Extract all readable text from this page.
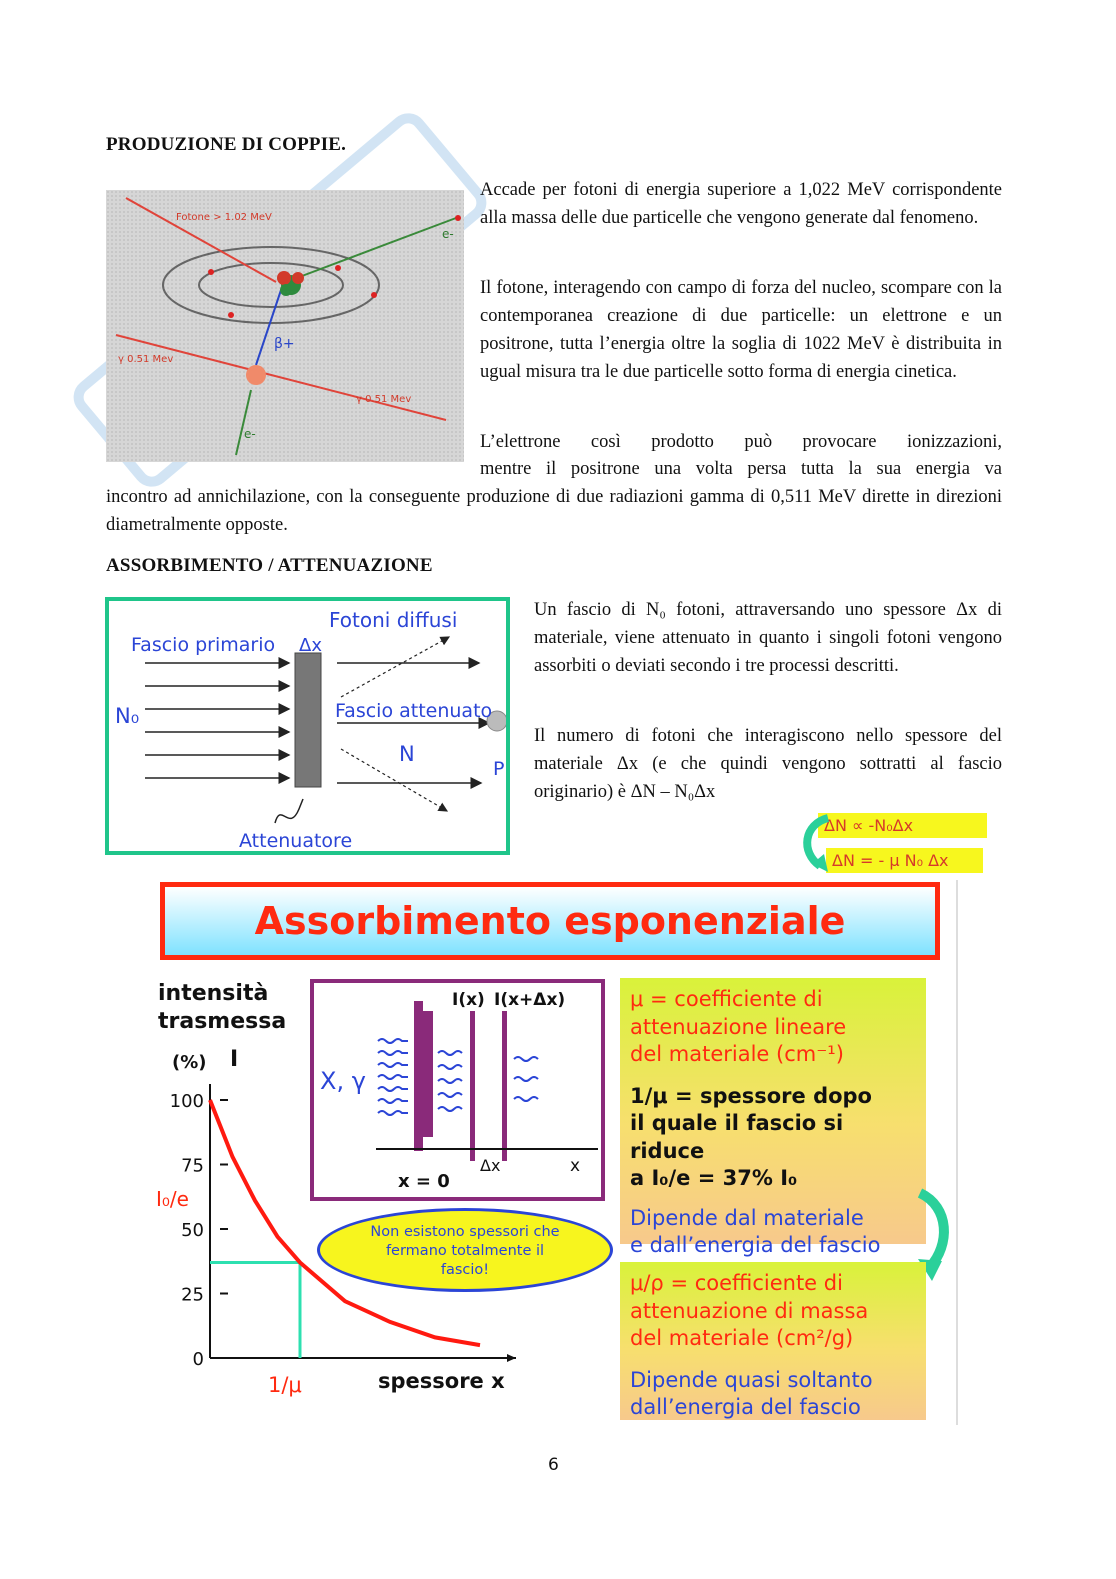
PRODUZIONE DI COPPIE.
Fotone > 1.02 MeV
e-
β+
γ 0.51 Mev
γ 0.51 Mev
e-
Accade per fotoni di energia superiore a 1,022 MeV corrispondente alla massa delle due particelle che vengono generate dal fenomeno.
Il fotone, interagendo con campo di forza del nucleo, scompare con la contemporanea creazione di due particelle: un elettrone e un positrone, tutta l’energia oltre la soglia di 1022 MeV è distribuita in ugual misura tra le due particelle sotto forma di energia cinetica.
L’elettrone così prodotto può provocare ionizzazioni,
mentre il positrone una volta persa tutta la sua energia va
incontro ad annichilazione, con la conseguente produzione di due radiazioni gamma di 0,511 MeV dirette in direzioni diametralmente opposte.
ASSORBIMENTO / ATTENUAZIONE
Fotoni diffusi
Fascio primario Δx
N₀	Fascio attenuato
N
P
Attenuatore
Un fascio di N₀ fotoni, attraversando uno spessore Δx di materiale, viene attenuato in quanto i singoli fotoni vengono assorbiti o deviati secondo i tre processi descritti.
Il numero di fotoni che interagiscono nello spessore del materiale Δx (e che quindi vengono sottratti al fascio originario) è ΔN – N₀Δx
ΔN ∝ -N₀Δx
ΔN = - μ N₀ Δx
Assorbimento esponenziale
intensità
trasmessa
(%) I
I₀/e
100
75
50
25
0
1/μ	spessore x
X, γ
I(x) I(x+Δx)
x = 0
Δx	x
Non esistono spessori che fermano totalmente il fascio!
μ = coefficiente di
attenuazione lineare
del materiale (cm⁻¹)
1/μ = spessore dopo
il quale il fascio si riduce
a I₀/e = 37% I₀
Dipende dal materiale
e dall’energia del fascio
μ/ρ = coefficiente di
attenuazione di massa
del materiale (cm²/g)
Dipende quasi soltanto
dall’energia del fascio
6
